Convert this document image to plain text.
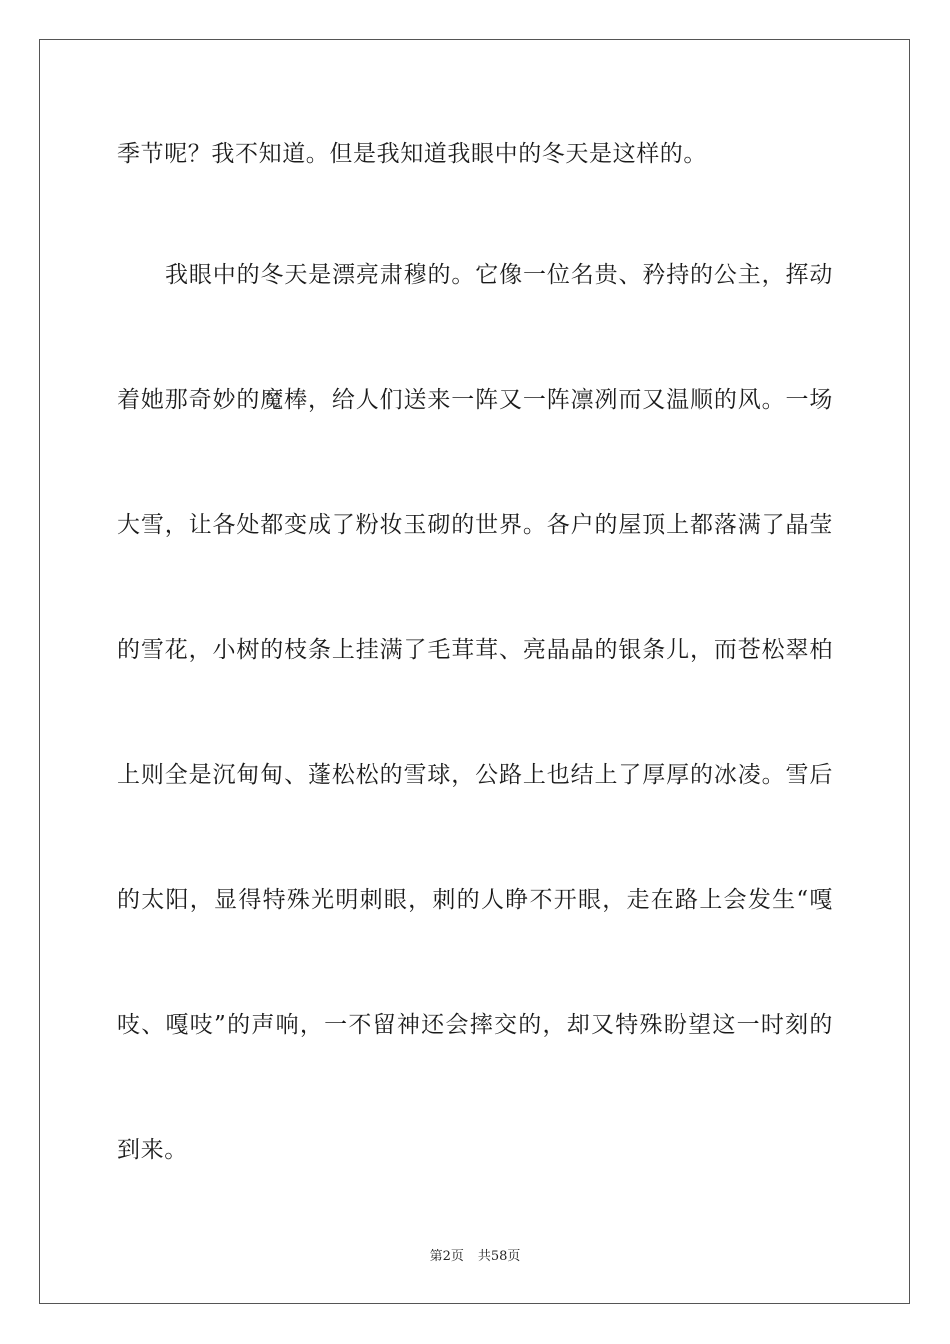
季节呢？我不知道。但是我知道我眼中的冬天是这样的。
我眼中的冬天是漂亮肃穆的。它像一位名贵、矜持的公主，挥动
着她那奇妙的魔棒，给人们送来一阵又一阵凛冽而又温顺的风。一场
大雪，让各处都变成了粉妆玉砌的世界。各户的屋顶上都落满了晶莹
的雪花，小树的枝条上挂满了毛茸茸、亮晶晶的银条儿，而苍松翠柏
上则全是沉甸甸、蓬松松的雪球，公路上也结上了厚厚的冰凌。雪后
的太阳，显得特殊光明刺眼，刺的人睁不开眼，走在路上会发生“嘎
吱、嘎吱”的声响，一不留神还会摔交的，却又特殊盼望这一时刻的
到来。
第2页 共58页
